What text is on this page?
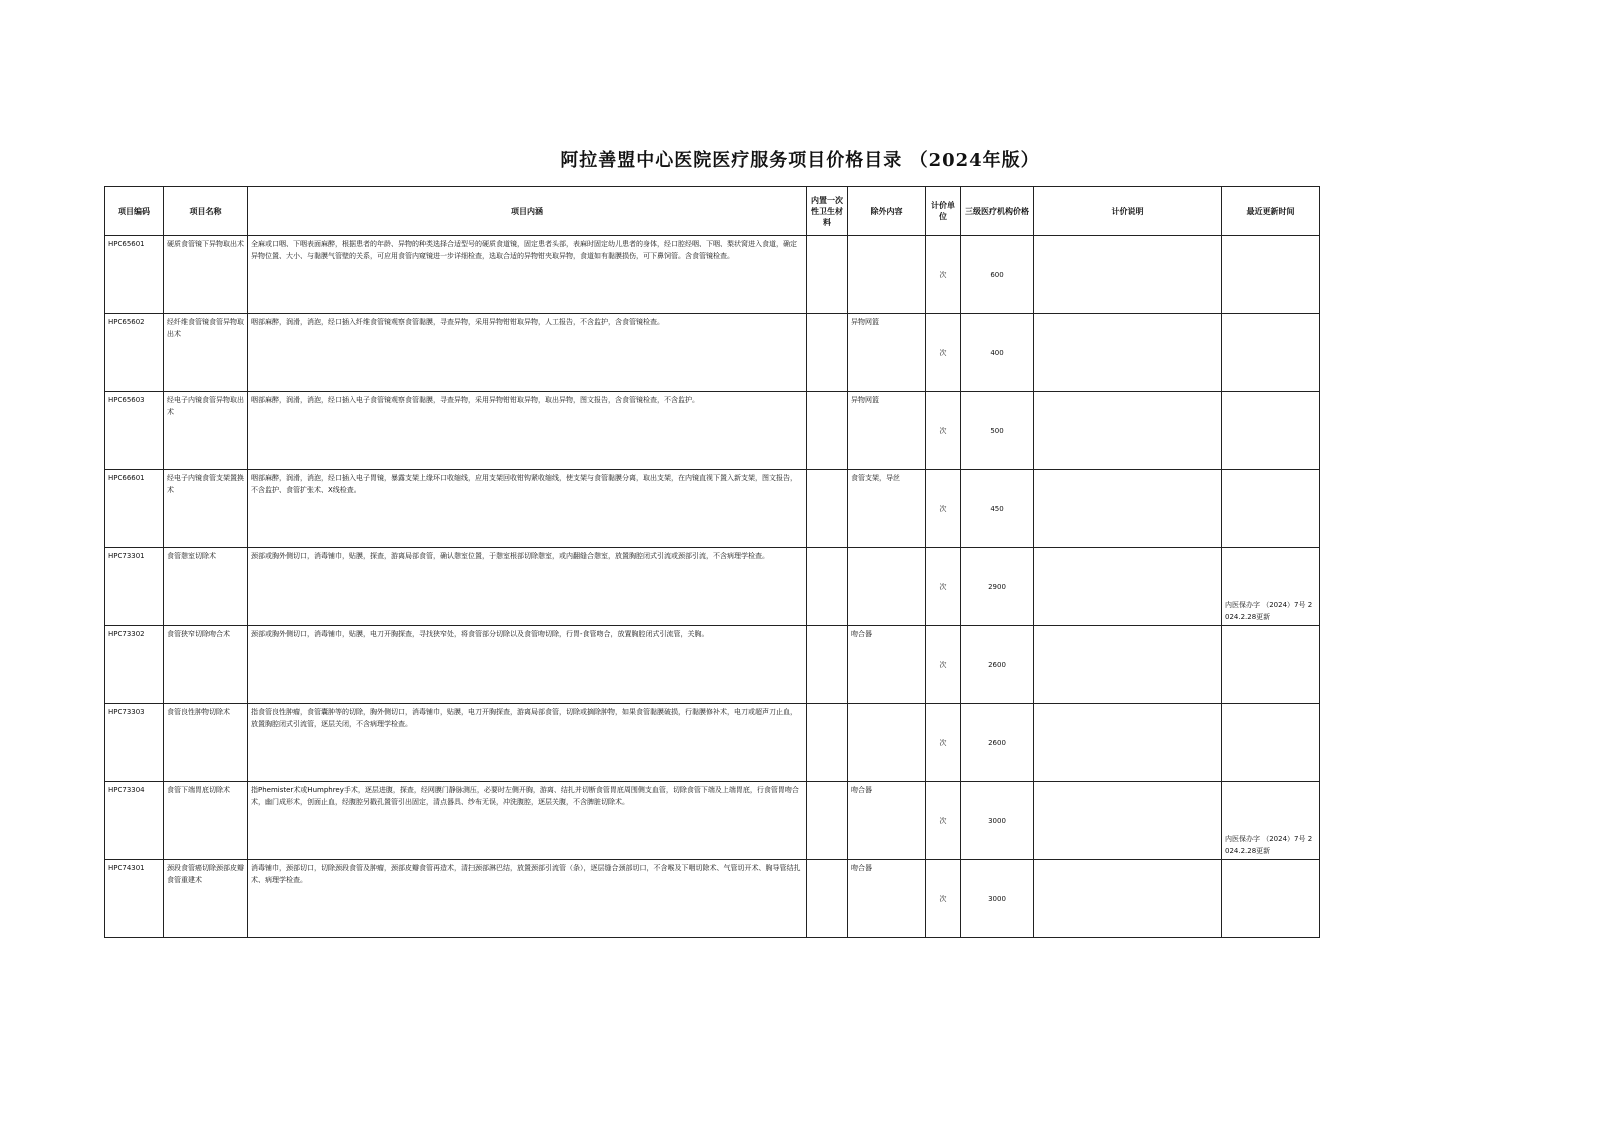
阿拉善盟中心医院医疗服务项目价格目录 （2024年版）
项目编码	项目名称	项目内涵	内置一次性卫生材料	除外内容	计价单位	三级医疗机构价格	计价说明	最近更新时间
HPC65601	硬质食管镜下异物取出术	全麻或口咽、下咽表面麻醉，根据患者的年龄、异物的种类选择合适型号的硬质食道镜，固定患者头部，表麻时固定幼儿患者的身体，经口腔经咽、下咽、梨状窝进入食道，确定异物位置、大小、与黏膜气管壁的关系，可应用食管内窥镜进一步详细检查，选取合适的异物钳夹取异物，食道如有黏膜损伤，可下鼻饲管。含食管镜检查。			次	600		
HPC65602	经纤维食管镜食管异物取出术	咽部麻醉，润滑，消泡，经口插入纤维食管镜观察食管黏膜，寻查异物，采用异物钳钳取异物，人工报告，不含监护，含食管镜检查。		异物网篮	次	400		
HPC65603	经电子内镜食管异物取出术	咽部麻醉，润滑，消泡，经口插入电子食管镜观察食管黏膜，寻查异物，采用异物钳钳取异物，取出异物，图文报告，含食管镜检查，不含监护。		异物网篮	次	500		
HPC66601	经电子内镜食管支架置换术	咽部麻醉，润滑，消泡，经口插入电子胃镜，暴露支架上缘环口收缩线，应用支架回收钳钩紧收缩线，使支架与食管黏膜分离，取出支架，在内镜直视下置入新支架，图文报告，不含监护、食管扩张术、X线检查。		食管支架，导丝	次	450		
HPC73301	食管憩室切除术	颈部或胸外侧切口，消毒铺巾，贴膜，探查，游离局部食管，确认憩室位置，于憩室根部切除憩室，或内翻缝合憩室，放置胸腔闭式引流或颈部引流，不含病理学检查。			次	2900		内医保办字 （2024）7号 2024.2.28更新
HPC73302	食管狭窄切除吻合术	颈部或胸外侧切口，消毒铺巾，贴膜，电刀开胸探查，寻找狭窄处，将食管部分切除以及食管吻切除，行胃-食管吻合，放置胸腔闭式引流管，关胸。		吻合器	次	2600		
HPC73303	食管良性肿物切除术	指食管良性肿瘤，食管囊肿等的切除，胸外侧切口，消毒铺巾，贴膜，电刀开胸探查，游离局部食管，切除或摘除肿物，如果食管黏膜破损，行黏膜修补术，电刀或超声刀止血，放置胸腔闭式引流管，逐层关闭，不含病理学检查。			次	2600		
HPC73304	食管下端胃底切除术	指Phemister术或Humphrey手术，逐层进腹，探查，经网膜门静脉测压，必要时左侧开胸，游离、结扎并切断食管胃底周围侧支血管，切除食管下端及上端胃底，行食管胃吻合术，幽门成形术，创面止血，经腹腔另戳孔置管引出固定，清点器具、纱布无误，冲洗腹腔，逐层关腹，不含脾脏切除术。		吻合器	次	3000		内医保办字 （2024）7号 2024.2.28更新
HPC74301	颈段食管癌切除颈部皮瓣食管重建术	消毒铺巾，颈部切口，切除颈段食管及肿瘤，颈部皮瓣食管再造术，清扫颈部淋巴结，放置颈部引流管（条），逐层缝合颈部切口，不含喉及下咽切除术、气管切开术、胸导管结扎术、病理学检查。		吻合器	次	3000		
